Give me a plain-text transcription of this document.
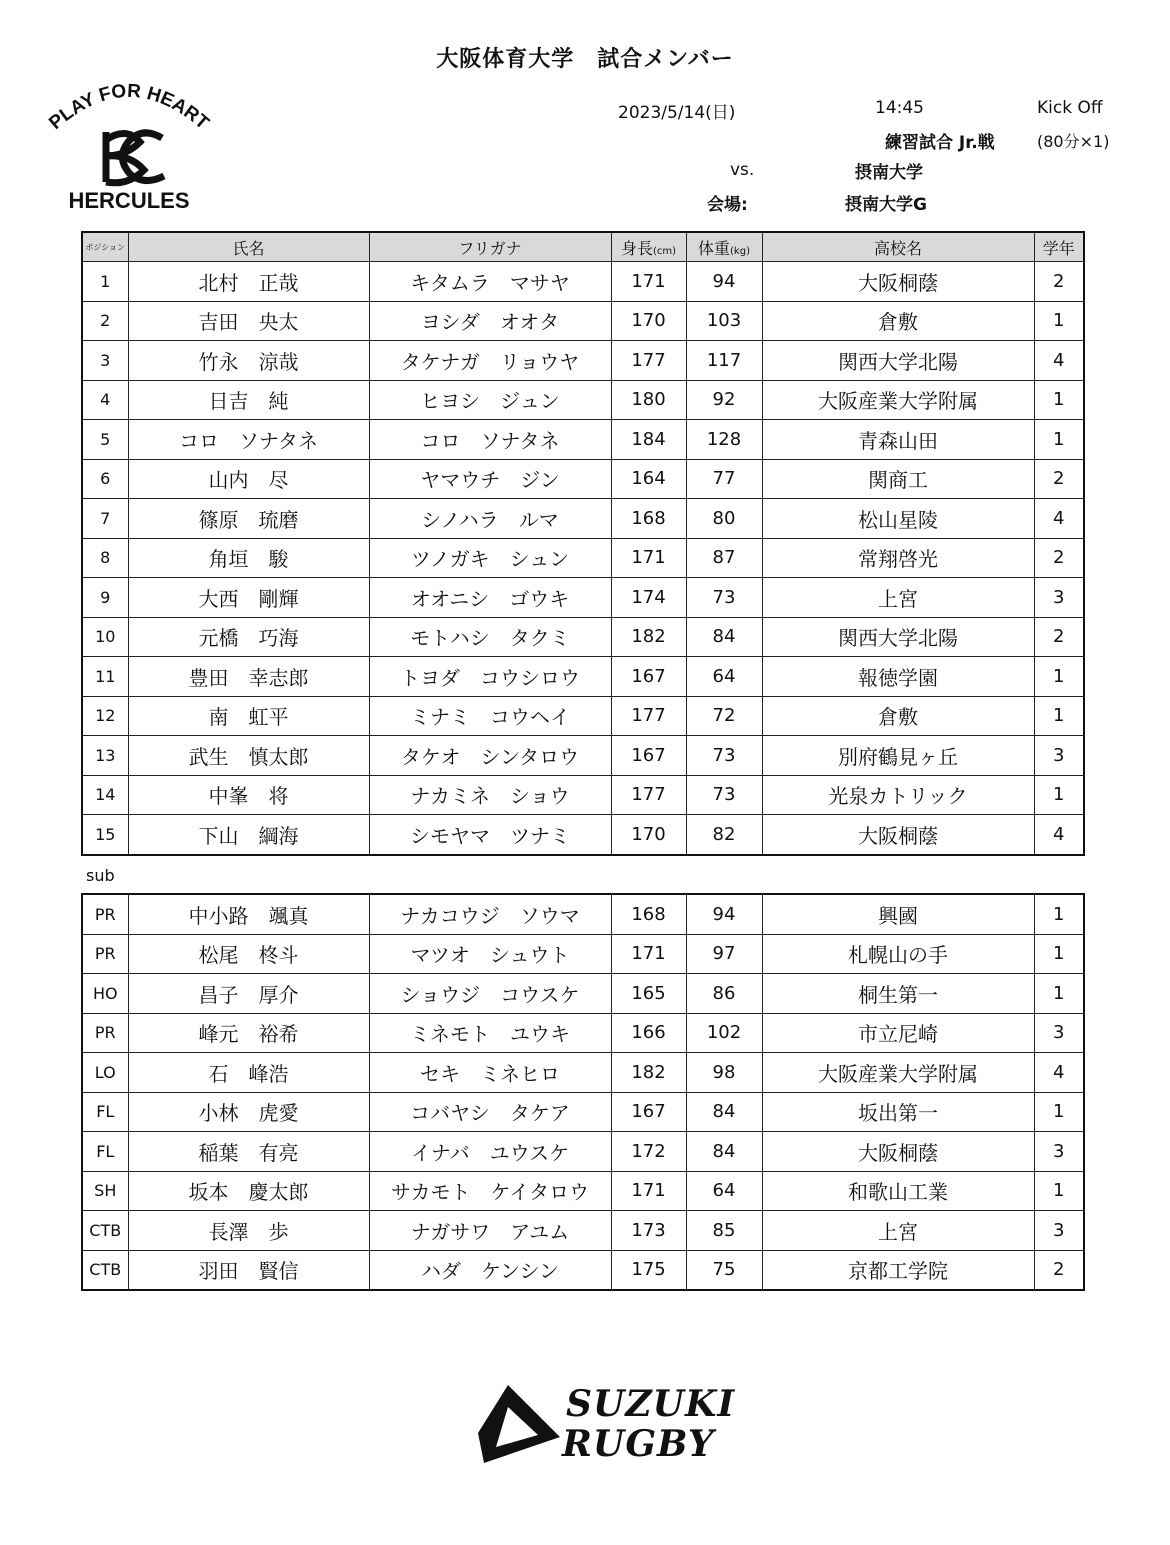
大阪体育大学　試合メンバー
PLAY FOR HEART
HERCULES
2023/5/14(日)	14:45	Kick Off
練習試合 Jr.戦	(80分×1)
vs.	摂南大学
会場:	摂南大学G
ポジション	氏名	フリガナ	身長(cm)	体重(kg)	高校名	学年
1	北村　正哉	キタムラ　マサヤ	171	94	大阪桐蔭	2
2	吉田　央太	ヨシダ　オオタ	170	103	倉敷	1
3	竹永　涼哉	タケナガ　リョウヤ	177	117	関西大学北陽	4
4	日吉　純	ヒヨシ　ジュン	180	92	大阪産業大学附属	1
5	コロ　ソナタネ	コロ　ソナタネ	184	128	青森山田	1
6	山内　尽	ヤマウチ　ジン	164	77	関商工	2
7	篠原　琉磨	シノハラ　ルマ	168	80	松山星陵	4
8	角垣　駿	ツノガキ　シュン	171	87	常翔啓光	2
9	大西　剛輝	オオニシ　ゴウキ	174	73	上宮	3
10	元橋　巧海	モトハシ　タクミ	182	84	関西大学北陽	2
11	豊田　幸志郎	トヨダ　コウシロウ	167	64	報徳学園	1
12	南　虹平	ミナミ　コウヘイ	177	72	倉敷	1
13	武生　慎太郎	タケオ　シンタロウ	167	73	別府鶴見ヶ丘	3
14	中峯　将	ナカミネ　ショウ	177	73	光泉カトリック	1
15	下山　綱海	シモヤマ　ツナミ	170	82	大阪桐蔭	4
sub
PR	中小路　颯真	ナカコウジ　ソウマ	168	94	興國	1
PR	松尾　柊斗	マツオ　シュウト	171	97	札幌山の手	1
HO	昌子　厚介	ショウジ　コウスケ	165	86	桐生第一	1
PR	峰元　裕希	ミネモト　ユウキ	166	102	市立尼崎	3
LO	石　峰浩	セキ　ミネヒロ	182	98	大阪産業大学附属	4
FL	小林　虎愛	コバヤシ　タケア	167	84	坂出第一	1
FL	稲葉　有亮	イナバ　ユウスケ	172	84	大阪桐蔭	3
SH	坂本　慶太郎	サカモト　ケイタロウ	171	64	和歌山工業	1
CTB	長澤　歩	ナガサワ　アユム	173	85	上宮	3
CTB	羽田　賢信	ハダ　ケンシン	175	75	京都工学院	2
SUZUKI
RUGBY
